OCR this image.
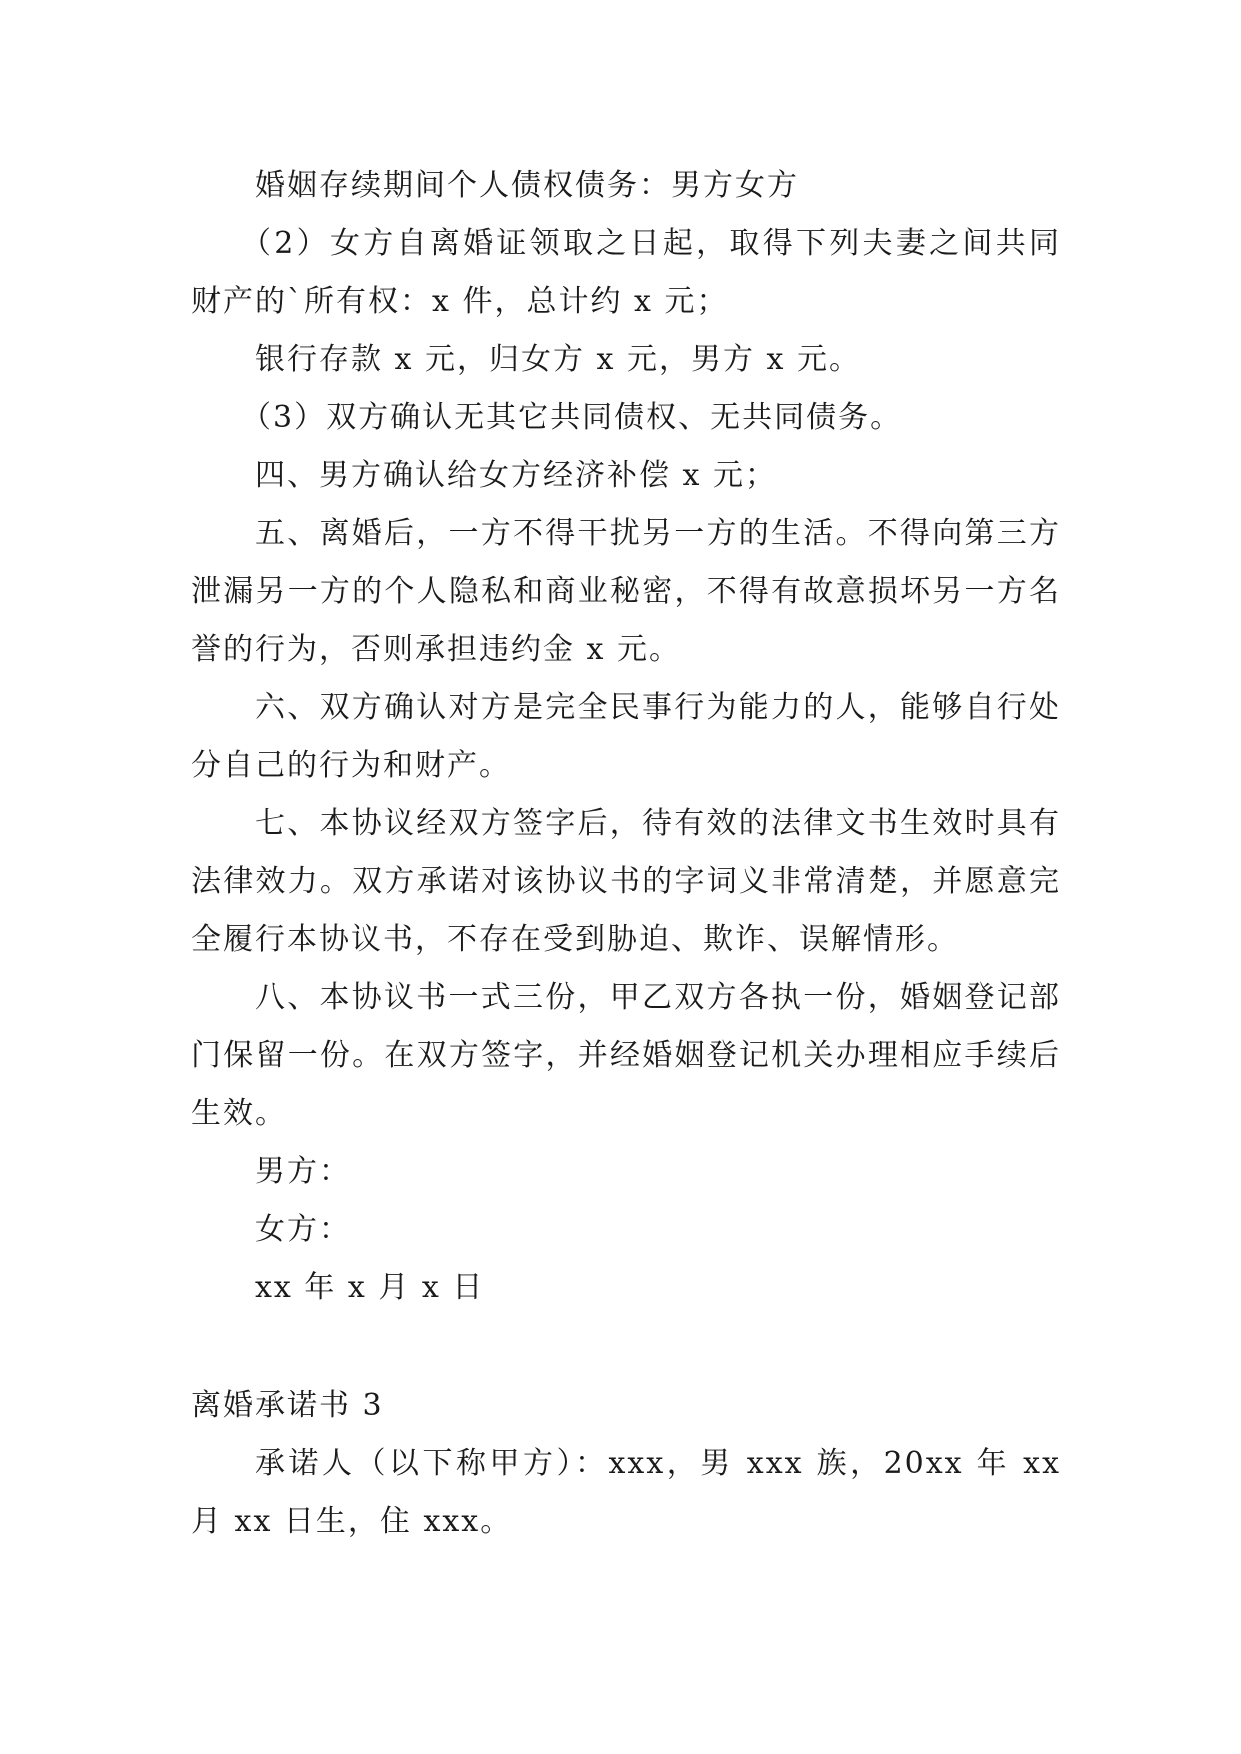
婚姻存续期间个人债权债务：男方女方

（2）女方自离婚证领取之日起，取得下列夫妻之间共同财产的`所有权：x 件，总计约 x 元；

银行存款 x 元，归女方 x 元，男方 x 元。

（3）双方确认无其它共同债权、无共同债务。

四、男方确认给女方经济补偿 x 元；

五、离婚后，一方不得干扰另一方的生活。不得向第三方泄漏另一方的个人隐私和商业秘密，不得有故意损坏另一方名誉的行为，否则承担违约金 x 元。

六、双方确认对方是完全民事行为能力的人，能够自行处分自己的行为和财产。

七、本协议经双方签字后，待有效的法律文书生效时具有法律效力。双方承诺对该协议书的字词义非常清楚，并愿意完全履行本协议书，不存在受到胁迫、欺诈、误解情形。

八、本协议书一式三份，甲乙双方各执一份，婚姻登记部门保留一份。在双方签字，并经婚姻登记机关办理相应手续后生效。

男方：

女方：

xx 年 x 月 x 日

离婚承诺书 3

承诺人（以下称甲方）：xxx，男 xxx 族，20xx 年 xx 月 xx 日生，住 xxx。
